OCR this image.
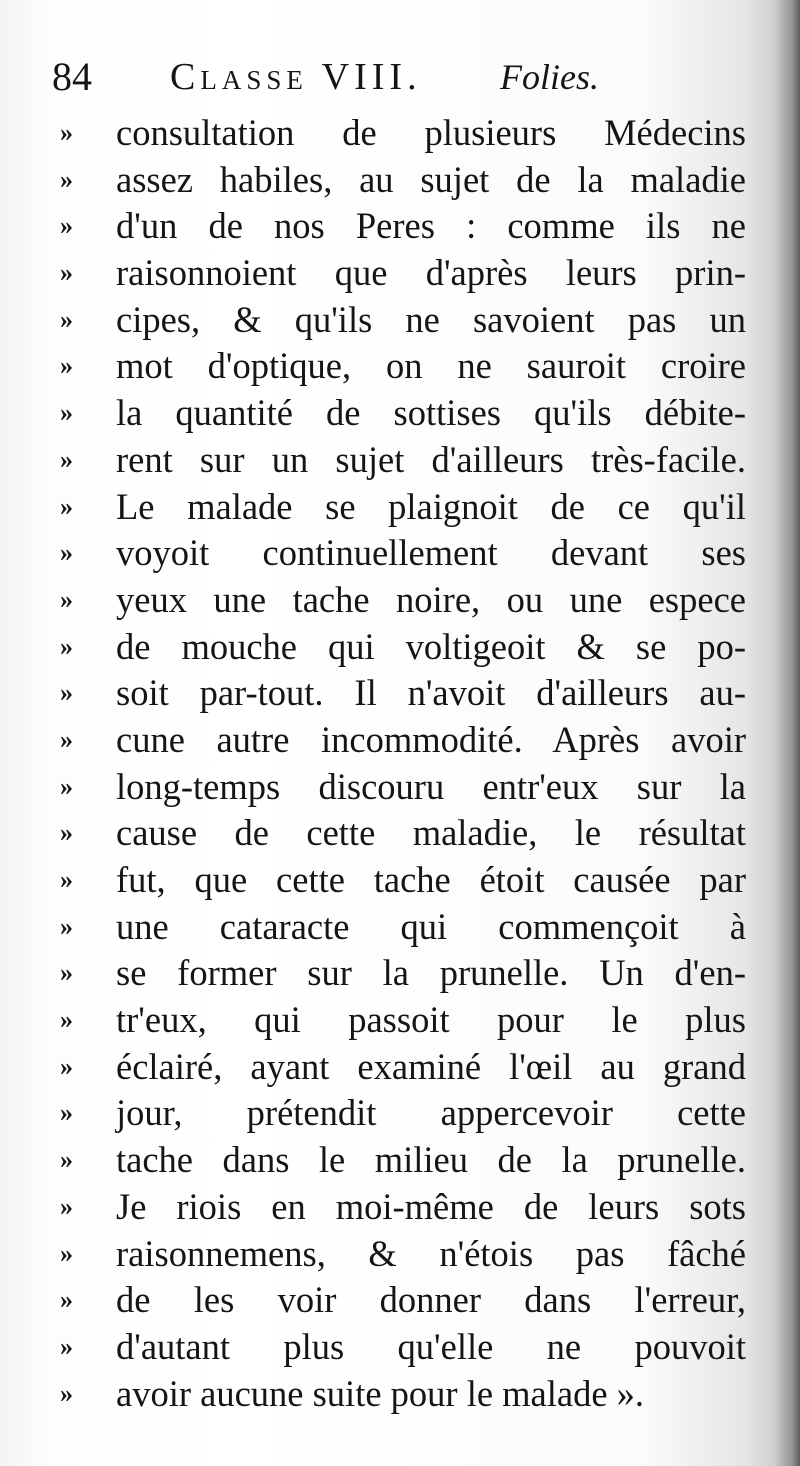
84 Classe VIII. Folies.
»	consultation de plusieurs Médecins
»	assez habiles, au sujet de la maladie
»	d'un de nos Peres : comme ils ne
»	raisonnoient que d'après leurs prin-
»	cipes, & qu'ils ne savoient pas un
»	mot d'optique, on ne sauroit croire
»	la quantité de sottises qu'ils débite-
»	rent sur un sujet d'ailleurs très-facile.
»	Le malade se plaignoit de ce qu'il
»	voyoit continuellement devant ses
»	yeux une tache noire, ou une espece
»	de mouche qui voltigeoit & se po-
»	soit par-tout. Il n'avoit d'ailleurs au-
»	cune autre incommodité. Après avoir
»	long-temps discouru entr'eux sur la
»	cause de cette maladie, le résultat
»	fut, que cette tache étoit causée par
»	une cataracte qui commençoit à
»	se former sur la prunelle. Un d'en-
»	tr'eux, qui passoit pour le plus
»	éclairé, ayant examiné l'œil au grand
»	jour, prétendit appercevoir cette
»	tache dans le milieu de la prunelle.
»	Je riois en moi-même de leurs sots
»	raisonnemens, & n'étois pas fâché
»	de les voir donner dans l'erreur,
»	d'autant plus qu'elle ne pouvoit
»	avoir aucune suite pour le malade ».
